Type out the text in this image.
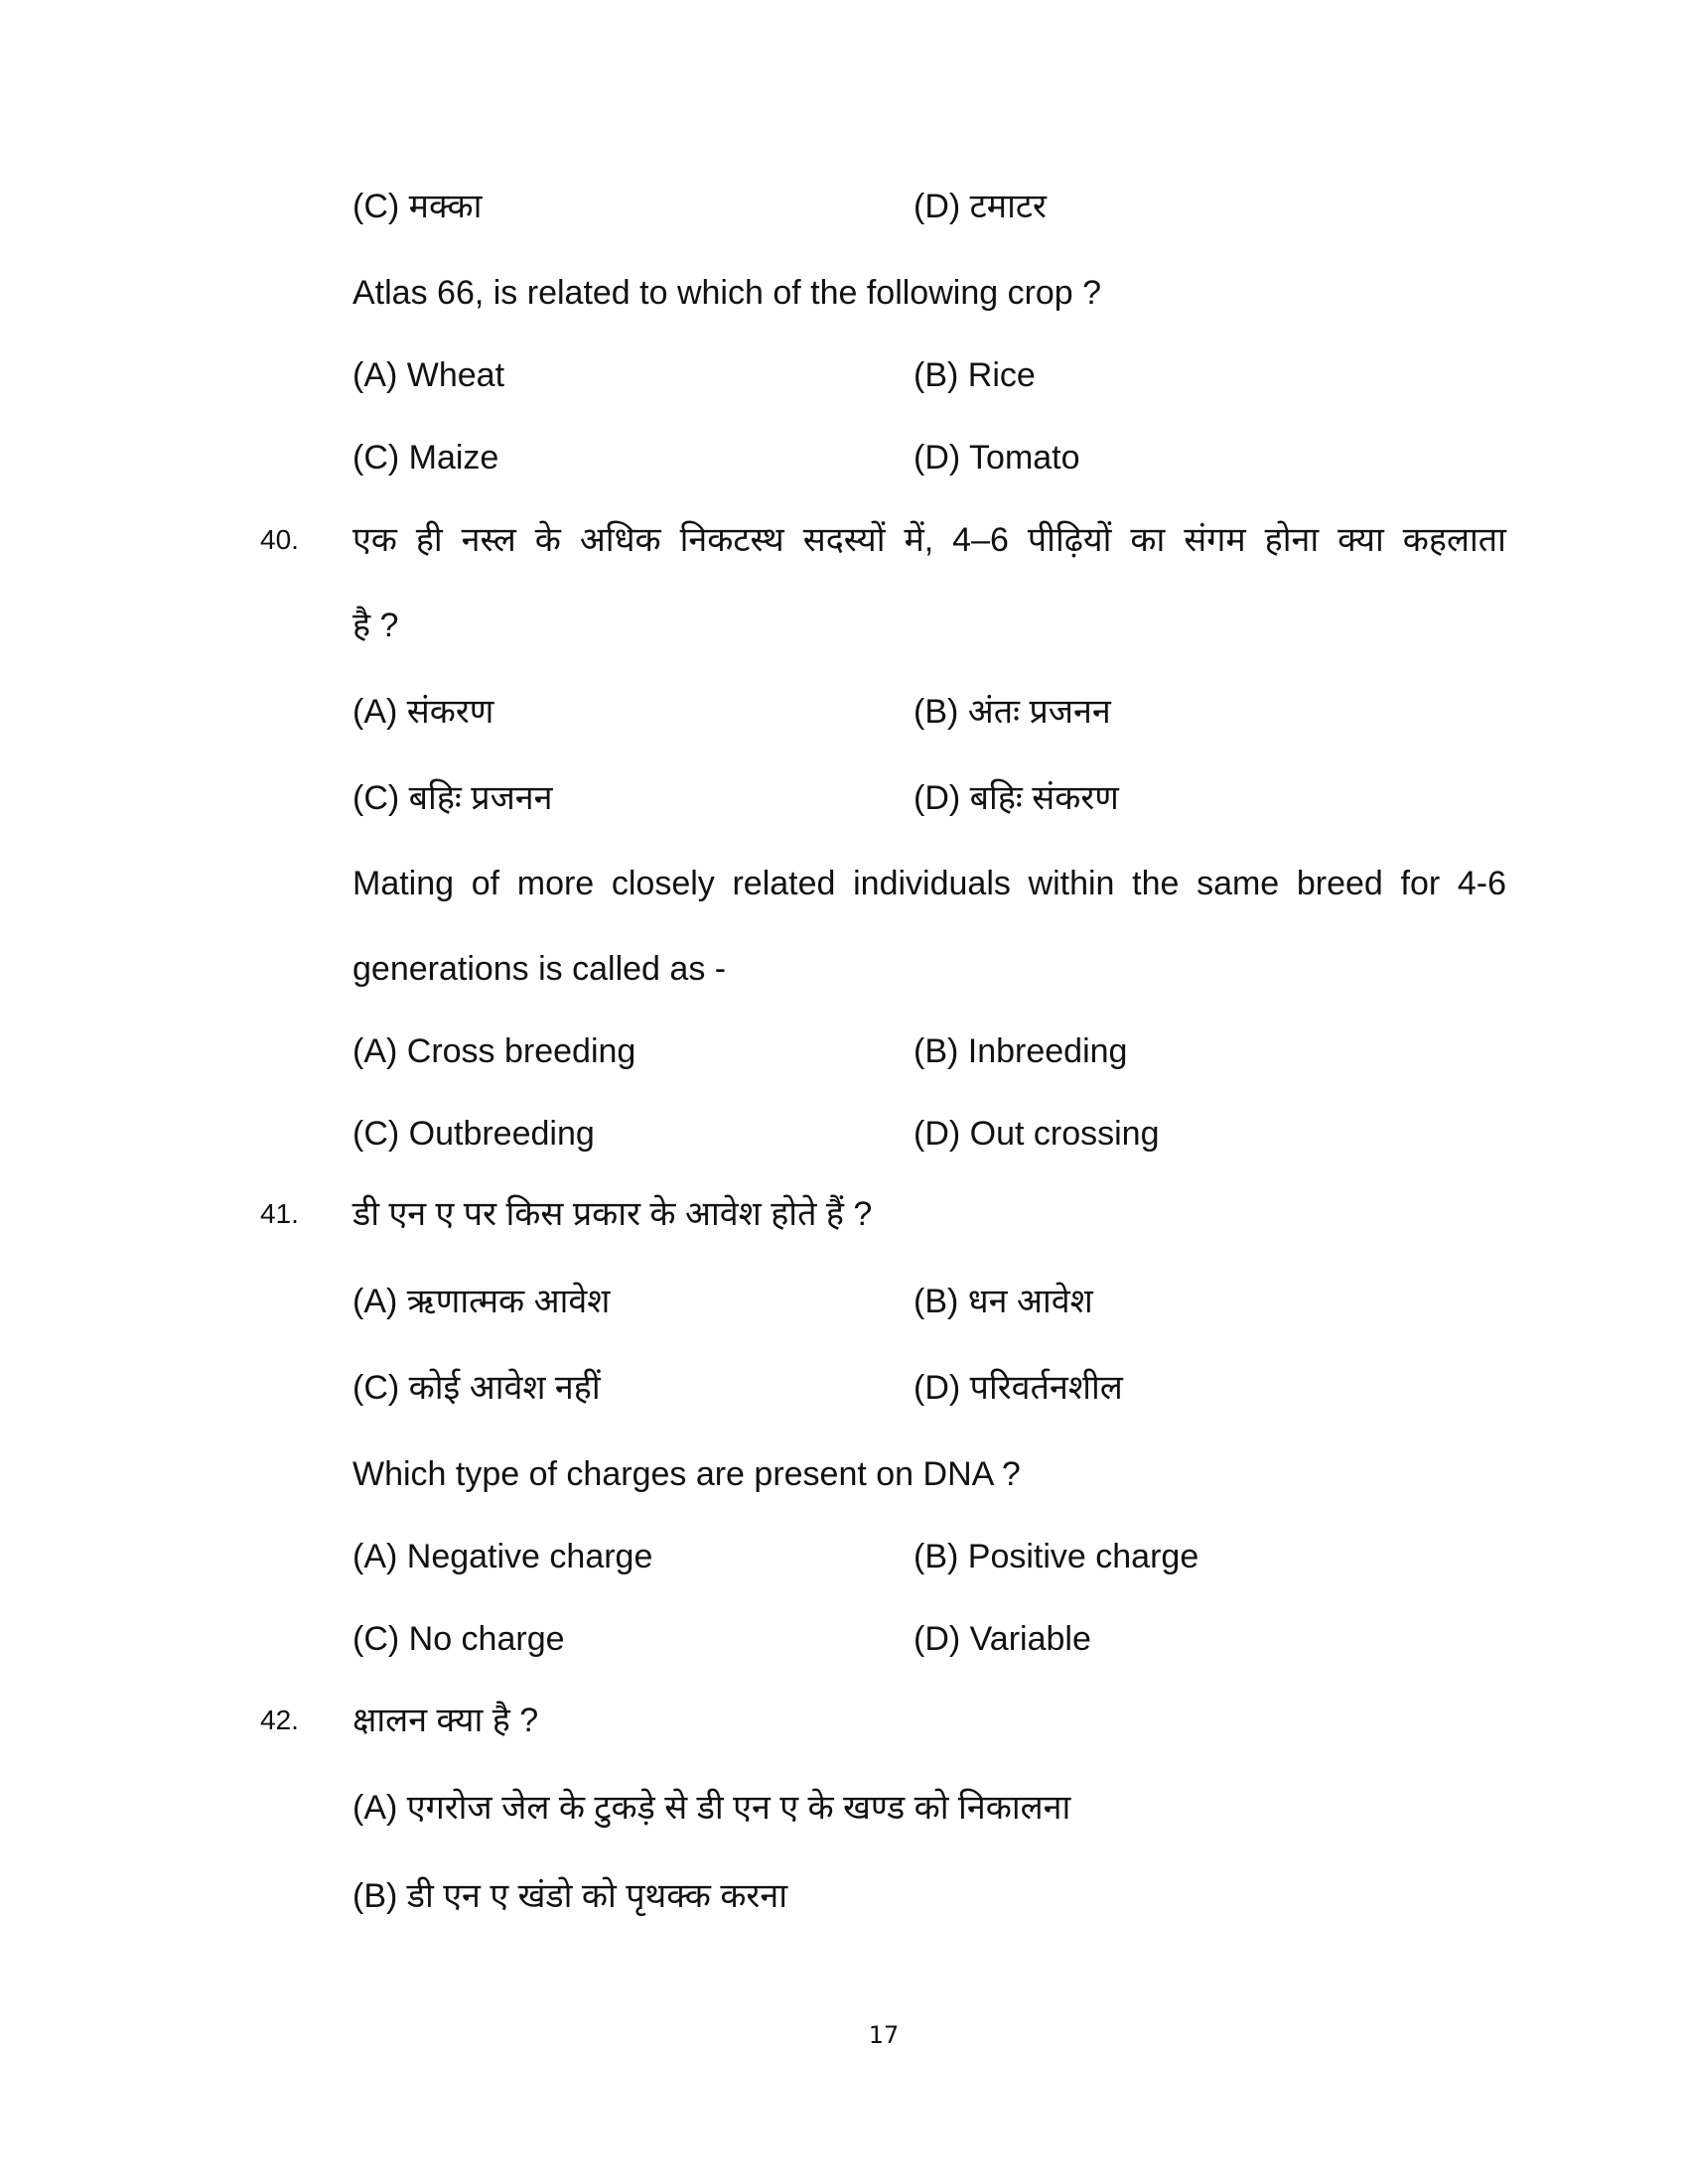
(C) मक्का	(D) टमाटर
Atlas 66, is related to which of the following crop ?
(A) Wheat	(B) Rice
(C) Maize	(D) Tomato
40. एक ही नस्ल के अधिक निकटस्थ सदस्यों में, 4–6 पीढ़ियों का संगम होना क्या कहलाता
है ?
(A) संकरण	(B) अंतः प्रजनन
(C) बहिः प्रजनन	(D) बहिः संकरण
Mating of more closely related individuals within the same breed for 4-6
generations is called as -
(A) Cross breeding	(B) Inbreeding
(C) Outbreeding	(D) Out crossing
41. डी एन ए पर किस प्रकार के आवेश होते हैं ?
(A) ऋणात्मक आवेश	(B) धन आवेश
(C) कोई आवेश नहीं	(D) परिवर्तनशील
Which type of charges are present on DNA ?
(A) Negative charge	(B) Positive charge
(C) No charge	(D) Variable
42. क्षालन क्या है ?
(A) एगरोज जेल के टुकड़े से डी एन ए के खण्ड को निकालना
(B) डी एन ए खंडो को पृथक्क करना
17
